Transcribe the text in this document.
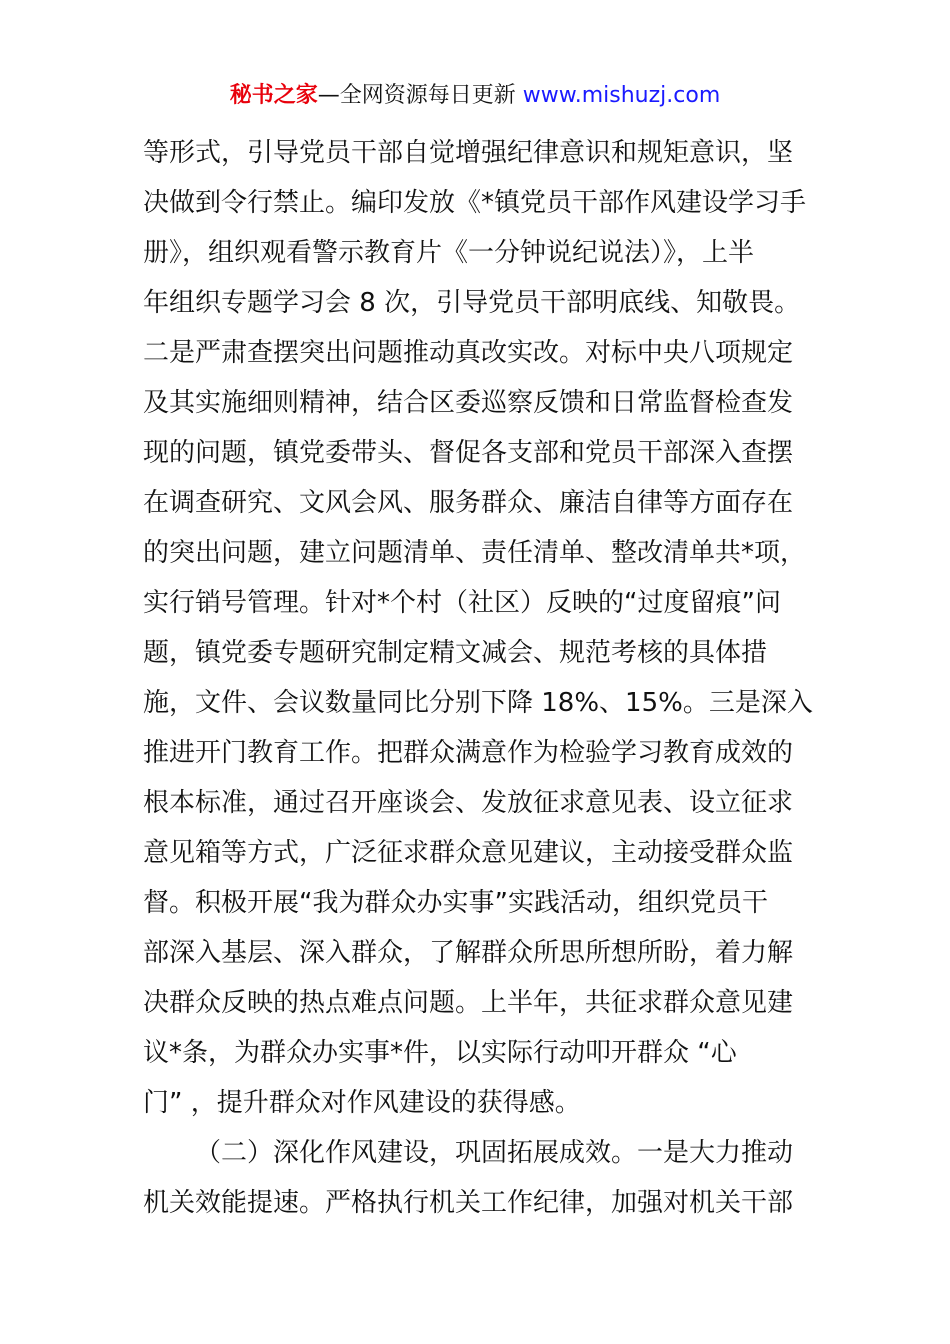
秘书之家—全网资源每日更新 www.mishuzj.com
等形式，引导党员干部自觉增强纪律意识和规矩意识，坚
决做到令行禁止。编印发放《*镇党员干部作风建设学习手
册》，组织观看警示教育片《一分钟说纪说法）》，上半
年组织专题学习会 8 次，引导党员干部明底线、知敬畏。
二是严肃查摆突出问题推动真改实改。对标中央八项规定
及其实施细则精神，结合区委巡察反馈和日常监督检查发
现的问题，镇党委带头、督促各支部和党员干部深入查摆
在调查研究、文风会风、服务群众、廉洁自律等方面存在
的突出问题，建立问题清单、责任清单、整改清单共*项，
实行销号管理。针对*个村（社区）反映的“过度留痕”问
题，镇党委专题研究制定精文减会、规范考核的具体措
施，文件、会议数量同比分别下降 18%、15%。三是深入
推进开门教育工作。把群众满意作为检验学习教育成效的
根本标准，通过召开座谈会、发放征求意见表、设立征求
意见箱等方式，广泛征求群众意见建议，主动接受群众监
督。积极开展“我为群众办实事”实践活动，组织党员干
部深入基层、深入群众，了解群众所思所想所盼，着力解
决群众反映的热点难点问题。上半年，共征求群众意见建
议*条，为群众办实事*件，以实际行动叩开群众 “心
门” ，提升群众对作风建设的获得感。
（二）深化作风建设，巩固拓展成效。一是大力推动
机关效能提速。严格执行机关工作纪律，加强对机关干部
